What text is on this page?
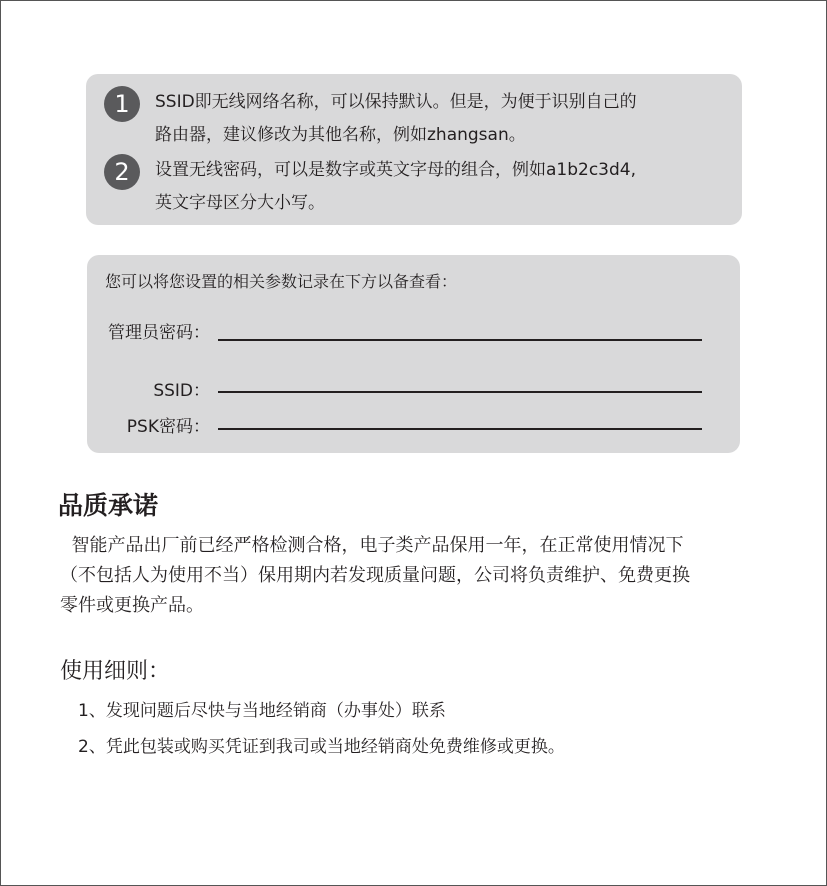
1	SSID即无线网络名称，可以保持默认。但是，为便于识别自己的
路由器，建议修改为其他名称，例如zhangsan。
2	设置无线密码，可以是数字或英文字母的组合，例如a1b2c3d4,
英文字母区分大小写。
您可以将您设置的相关参数记录在下方以备查看：
管理员密码：
SSID：
PSK密码：
品质承诺
智能产品出厂前已经严格检测合格，电子类产品保用一年，在正常使用情况下
（不包括人为使用不当）保用期内若发现质量问题，公司将负责维护、免费更换
零件或更换产品。
使用细则：
1、发现问题后尽快与当地经销商（办事处）联系
2、凭此包装或购买凭证到我司或当地经销商处免费维修或更换。
